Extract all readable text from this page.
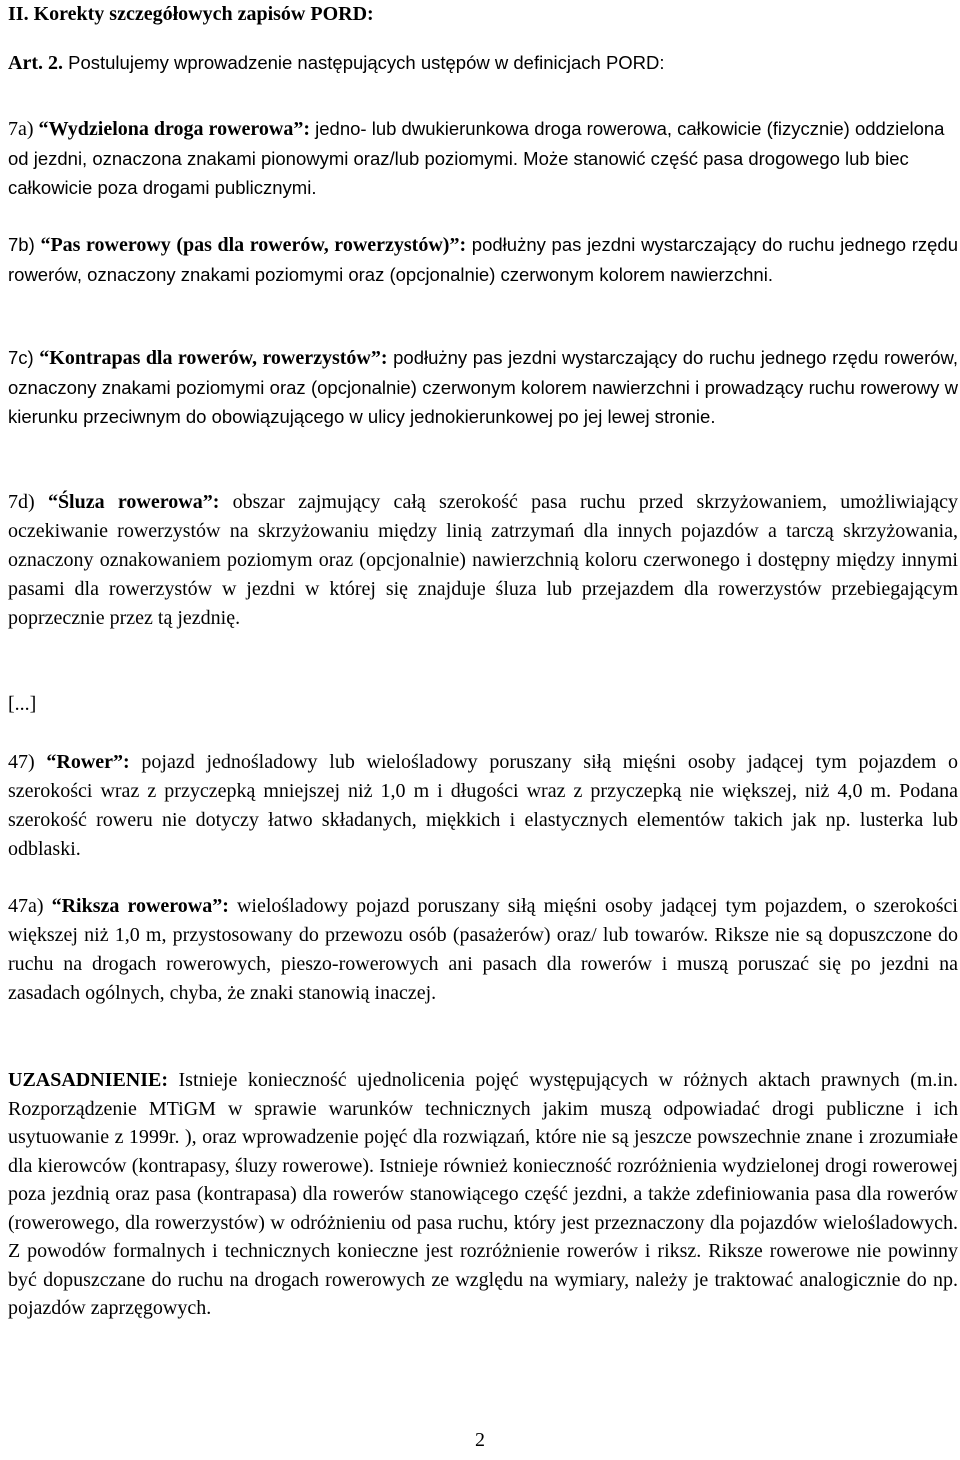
II. Korekty szczegółowych zapisów PORD:

Art. 2. Postulujemy wprowadzenie następujących ustępów w definicjach PORD:

7a) “Wydzielona droga rowerowa”: jedno- lub dwukierunkowa droga rowerowa, całkowicie (fizycznie) oddzielona od jezdni, oznaczona znakami pionowymi oraz/lub poziomymi. Może stanowić część pasa drogowego lub biec całkowicie poza drogami publicznymi.

7b) “Pas rowerowy (pas dla rowerów, rowerzystów)”: podłużny pas jezdni wystarczający do ruchu jednego rzędu rowerów, oznaczony znakami poziomymi oraz (opcjonalnie) czerwonym kolorem nawierzchni.

7c) “Kontrapas dla rowerów, rowerzystów”: podłużny pas jezdni wystarczający do ruchu jednego rzędu rowerów, oznaczony znakami poziomymi oraz (opcjonalnie) czerwonym kolorem nawierzchni i prowadzący ruchu rowerowy w kierunku przeciwnym do obowiązującego w ulicy jednokierunkowej po jej lewej stronie.

7d) “Śluza rowerowa”: obszar zajmujący całą szerokość pasa ruchu przed skrzyżowaniem, umożliwiający oczekiwanie rowerzystów na skrzyżowaniu między linią zatrzymań dla innych pojazdów a tarczą skrzyżowania, oznaczony oznakowaniem poziomym oraz (opcjonalnie) nawierzchnią koloru czerwonego i dostępny między innymi pasami dla rowerzystów w jezdni w której się znajduje śluza lub przejazdem dla rowerzystów przebiegającym poprzecznie przez tą jezdnię.

[...]

47) “Rower”: pojazd jednośladowy lub wielośladowy poruszany siłą mięśni osoby jadącej tym pojazdem o szerokości wraz z przyczepką mniejszej niż 1,0 m i długości wraz z przyczepką nie większej, niż 4,0 m. Podana szerokość roweru nie dotyczy łatwo składanych, miękkich i elastycznych elementów takich jak np. lusterka lub odblaski.

47a) “Riksza rowerowa”: wielośladowy pojazd poruszany siłą mięśni osoby jadącej tym pojazdem, o szerokości większej niż 1,0 m, przystosowany do przewozu osób (pasażerów) oraz/ lub towarów. Riksze nie są dopuszczone do ruchu na drogach rowerowych, pieszo-rowerowych ani pasach dla rowerów i muszą poruszać się po jezdni na zasadach ogólnych, chyba, że znaki stanowią inaczej.

UZASADNIENIE: Istnieje konieczność ujednolicenia pojęć występujących w różnych aktach prawnych (m.in. Rozporządzenie MTiGM w sprawie warunków technicznych jakim muszą odpowiadać drogi publiczne i ich usytuowanie z 1999r. ), oraz wprowadzenie pojęć dla rozwiązań, które nie są jeszcze powszechnie znane i zrozumiałe dla kierowców (kontrapasy, śluzy rowerowe). Istnieje również konieczność rozróżnienia wydzielonej drogi rowerowej poza jezdnią oraz pasa (kontrapasa) dla rowerów stanowiącego część jezdni, a także zdefiniowania pasa dla rowerów (rowerowego, dla rowerzystów) w odróżnieniu od pasa ruchu, który jest przeznaczony dla pojazdów wielośladowych. Z powodów formalnych i technicznych konieczne jest rozróżnienie rowerów i riksz. Riksze rowerowe nie powinny być dopuszczane do ruchu na drogach rowerowych ze względu na wymiary, należy je traktować analogicznie do np. pojazdów zaprzęgowych.

2
